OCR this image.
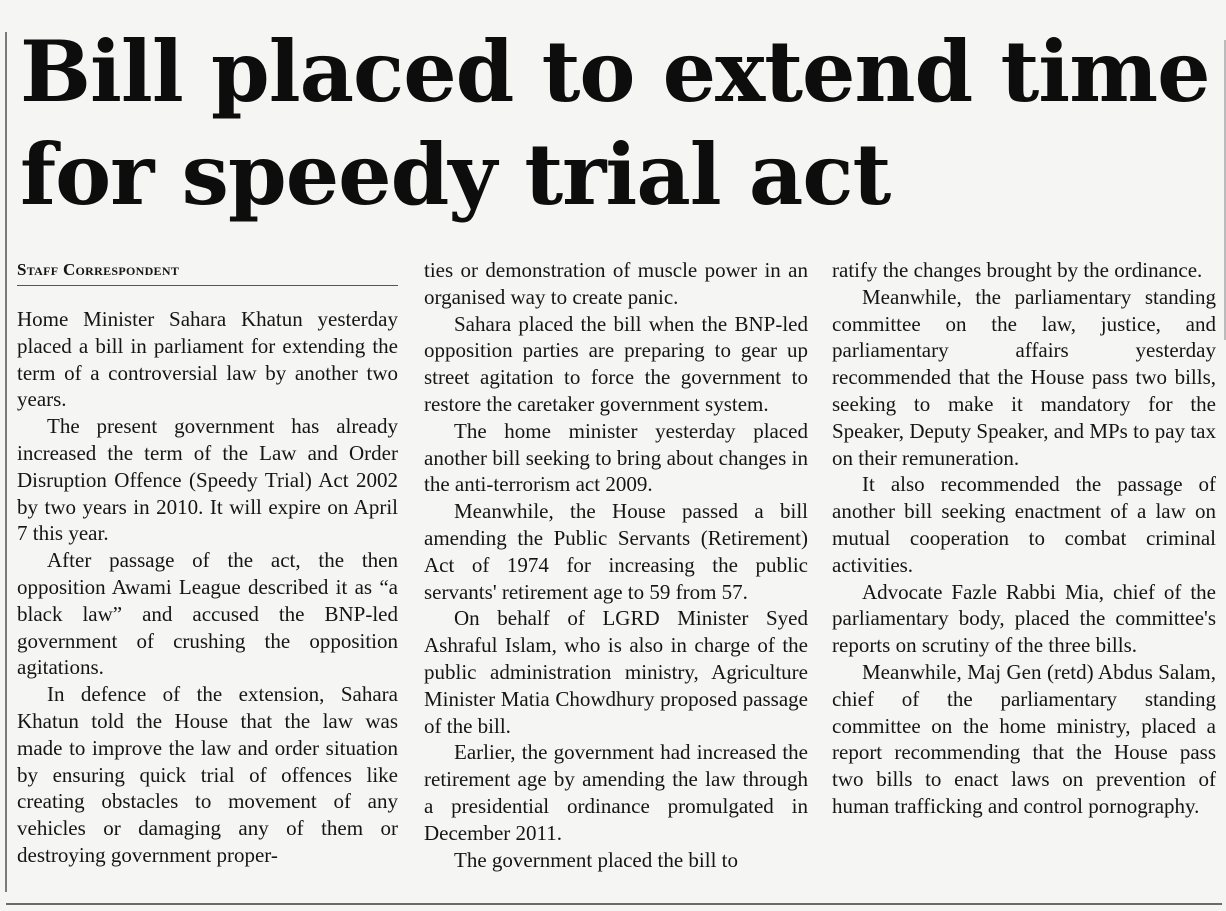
Bill placed to extend time
for speedy trial act
Staff Correspondent

Home Minister Sahara Khatun yesterday placed a bill in parliament for extending the term of a controversial law by another two years.

The present government has already increased the term of the Law and Order Disruption Offence (Speedy Trial) Act 2002 by two years in 2010. It will expire on April 7 this year.

After passage of the act, the then opposition Awami League described it as “a black law” and accused the BNP-led government of crushing the opposition agitations.

In defence of the extension, Sahara Khatun told the House that the law was made to improve the law and order situation by ensuring quick trial of offences like creating obstacles to movement of any vehicles or damaging any of them or destroying government proper-

ties or demonstration of muscle power in an organised way to create panic.

Sahara placed the bill when the BNP-led opposition parties are preparing to gear up street agitation to force the government to restore the caretaker government system.

The home minister yesterday placed another bill seeking to bring about changes in the anti-terrorism act 2009.

Meanwhile, the House passed a bill amending the Public Servants (Retirement) Act of 1974 for increasing the public servants' retirement age to 59 from 57.

On behalf of LGRD Minister Syed Ashraful Islam, who is also in charge of the public administration ministry, Agriculture Minister Matia Chowdhury proposed passage of the bill.

Earlier, the government had increased the retirement age by amending the law through a presidential ordinance promulgated in December 2011.

The government placed the bill to

ratify the changes brought by the ordinance.

Meanwhile, the parliamentary standing committee on the law, justice, and parliamentary affairs yesterday recommended that the House pass two bills, seeking to make it mandatory for the Speaker, Deputy Speaker, and MPs to pay tax on their remuneration.

It also recommended the passage of another bill seeking enactment of a law on mutual cooperation to combat criminal activities.

Advocate Fazle Rabbi Mia, chief of the parliamentary body, placed the committee's reports on scrutiny of the three bills.

Meanwhile, Maj Gen (retd) Abdus Salam, chief of the parliamentary standing committee on the home ministry, placed a report recommending that the House pass two bills to enact laws on prevention of human trafficking and control pornography.
